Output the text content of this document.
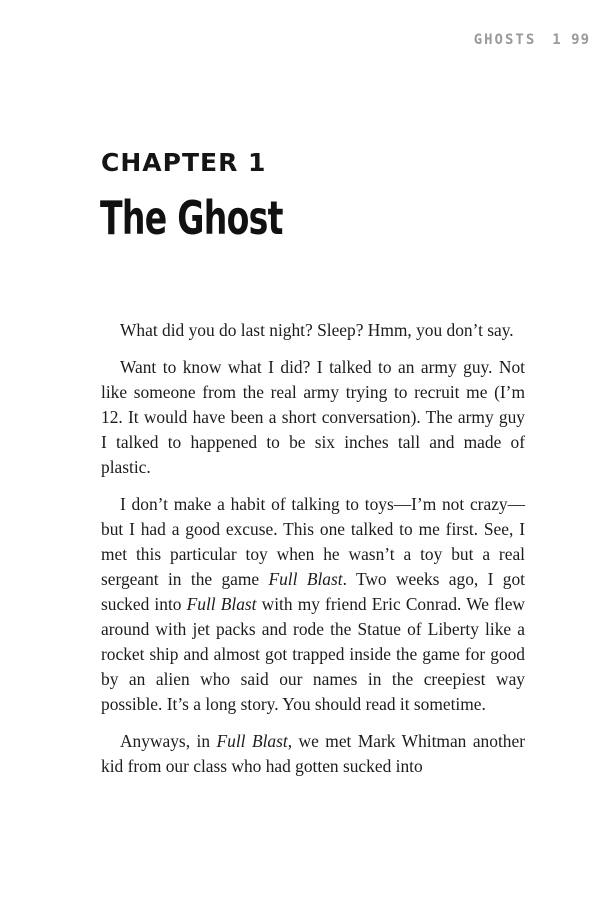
GHOSTS 1 99
CHAPTER 1
The Ghost

What did you do last night? Sleep? Hmm, you don’t say.

Want to know what I did? I talked to an army guy. Not like someone from the real army trying to recruit me (I’m 12. It would have been a short conversation). The army guy I talked to happened to be six inches tall and made of plastic.

I don’t make a habit of talking to toys—I’m not crazy—but I had a good excuse. This one talked to me first. See, I met this particular toy when he wasn’t a toy but a real sergeant in the game Full Blast. Two weeks ago, I got sucked into Full Blast with my friend Eric Conrad. We flew around with jet packs and rode the Statue of Liberty like a rocket ship and almost got trapped inside the game for good by an alien who said our names in the creepiest way possible. It’s a long story. You should read it sometime.

Anyways, in Full Blast, we met Mark Whitman another kid from our class who had gotten sucked into
